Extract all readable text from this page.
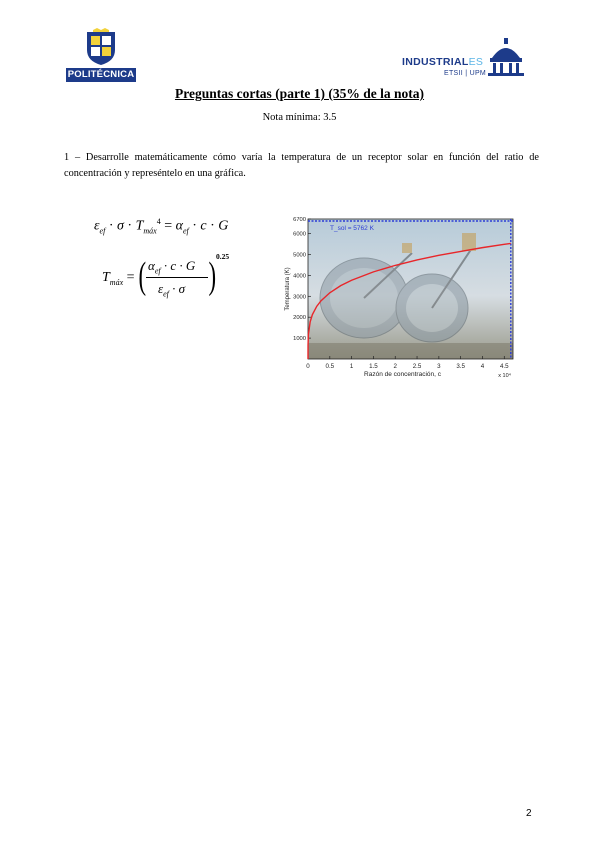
POLITÉCNICA
INDUSTRIALES
ETSII | UPM
Preguntas cortas (parte 1) (35% de la nota)
Nota mínima: 3.5
1 – Desarrolle matemáticamente cómo varía la temperatura de un receptor solar en función del ratio de concentración y represéntelo en una gráfica.
$\varepsilon_{ef} \cdot \sigma \cdot T_{máx}^4 = \alpha_{ef} \cdot c \cdot G$
$T_{máx}$ = ( $\alpha_{ef} \cdot c \cdot G$
$\varepsilon_{ef} \cdot \sigma$ ) 0.25
0	0.5	1	1.5	2	2.5	3	3.5	4	4.5
1000
2000
3000
4000
5000
6000
6700
T_sol = 5762 K
Razón de concentración, c	x 10⁴
Temperatura (K)
2
